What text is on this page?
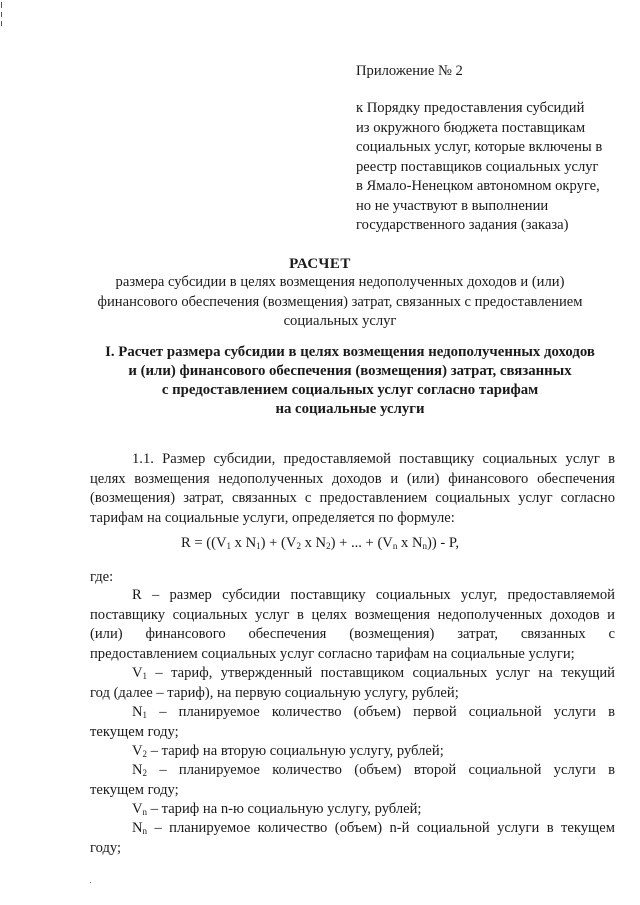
Приложение № 2
к Порядку предоставления субсидий
из окружного бюджета поставщикам
социальных услуг, которые включены в
реестр поставщиков социальных услуг
в Ямало-Ненецком автономном округе,
но не участвуют в выполнении
государственного задания (заказа)
РАСЧЕТ
размера субсидии в целях возмещения недополученных доходов и (или)
финансового обеспечения (возмещения) затрат, связанных с предоставлением
социальных услуг
I. Расчет размера субсидии в целях возмещения недополученных доходов
и (или) финансового обеспечения (возмещения) затрат, связанных
с предоставлением социальных услуг согласно тарифам
на социальные услуги
1.1. Размер субсидии, предоставляемой поставщику социальных услуг в
целях возмещения недополученных доходов и (или) финансового обеспечения
(возмещения) затрат, связанных с предоставлением социальных услуг согласно
тарифам на социальные услуги, определяется по формуле:
$R = ((V_1$ x $N_1) + (V_2$ x $N_2$) + ... + ($V_n$ x $N_n$)) - P,
где:
R – размер субсидии поставщику социальных услуг, предоставляемой
поставщику социальных услуг в целях возмещения недополученных доходов и
(или) финансового обеспечения (возмещения) затрат, связанных с
предоставлением социальных услуг согласно тарифам на социальные услуги;
$V_1$ – тариф, утвержденный поставщиком социальных услуг на текущий
год (далее – тариф), на первую социальную услугу, рублей;
$N_1$ – планируемое количество (объем) первой социальной услуги в
текущем году;
$V_2$ – тариф на вторую социальную услугу, рублей;
$N_2$ – планируемое количество (объем) второй социальной услуги в
текущем году;
$V_n$ – тариф на n-ю социальную услугу, рублей;
$N_n$ – планируемое количество (объем) n-й социальной услуги в текущем
году;
